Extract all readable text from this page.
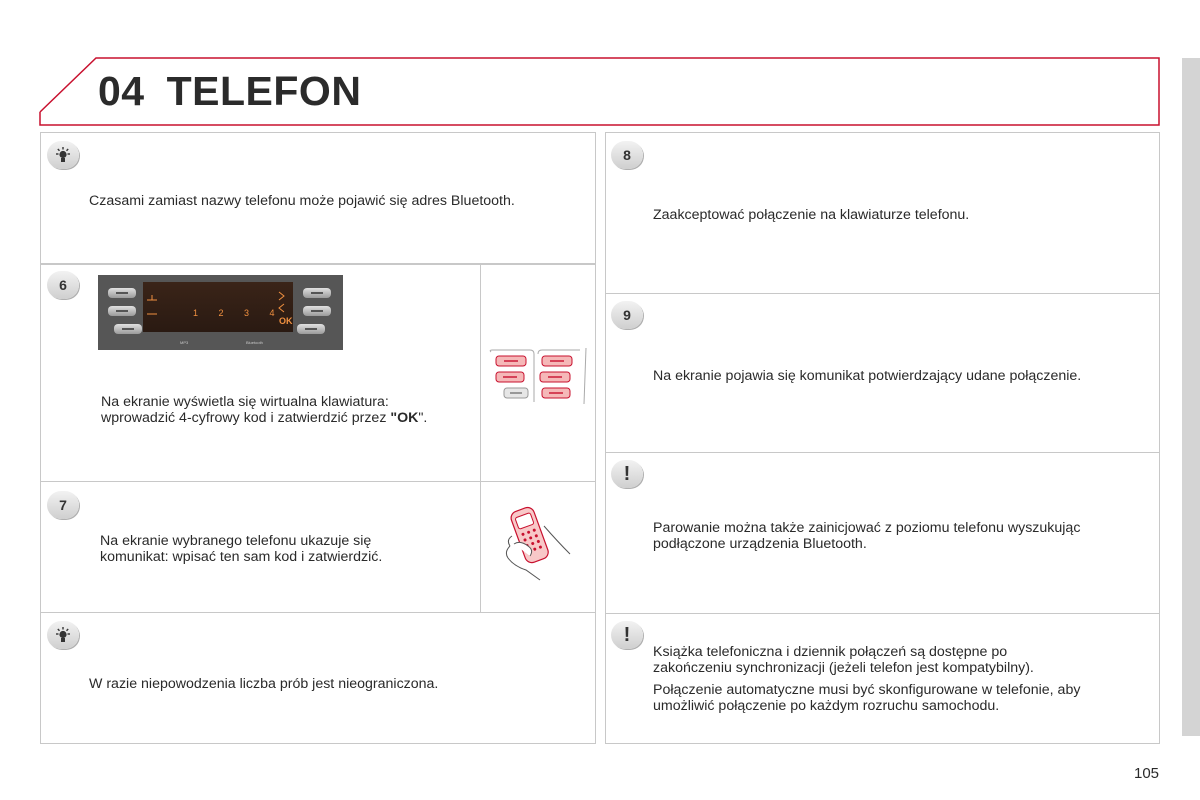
04 TELEFON

Czasami zamiast nazwy telefonu może pojawić się adres Bluetooth.

6
1 2 3 4
OK
MP3	Bluetooth

Na ekranie wyświetla się wirtualna klawiatura:
wprowadzić 4-cyfrowy kod i zatwierdzić przez "OK".

7

Na ekranie wybranego telefonu ukazuje się
komunikat: wpisać ten sam kod i zatwierdzić.

W razie niepowodzenia liczba prób jest nieograniczona.

8

Zaakceptować połączenie na klawiaturze telefonu.

9

Na ekranie pojawia się komunikat potwierdzający udane połączenie.

!

Parowanie można także zainicjować z poziomu telefonu wyszukując
podłączone urządzenia Bluetooth.

!

Książka telefoniczna i dziennik połączeń są dostępne po
zakończeniu synchronizacji (jeżeli telefon jest kompatybilny).

Połączenie automatyczne musi być skonfigurowane w telefonie, aby
umożliwić połączenie po każdym rozruchu samochodu.

105
